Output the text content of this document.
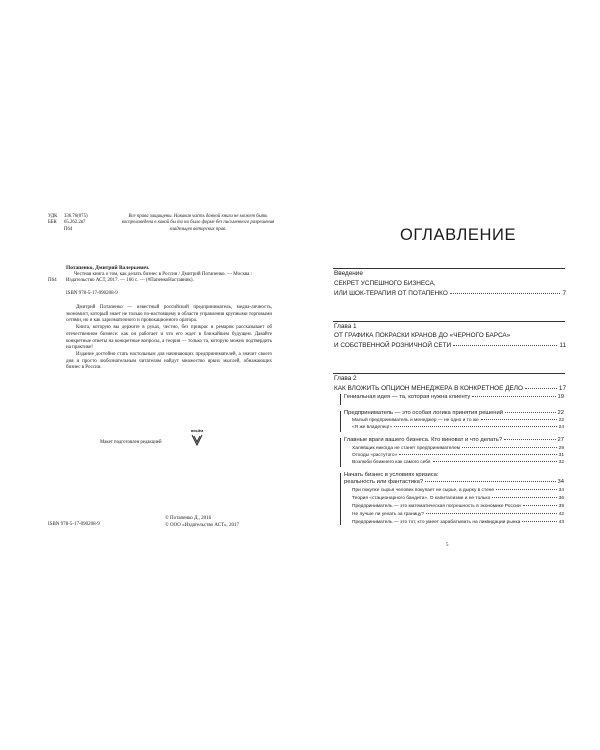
УДК	336.76(075)
ББК	65.262.2я7
П64
Все права защищены. Никакая часть данной книги не может быть воспроизведена в какой бы то ни было форме без письменного разрешения владельцев авторских прав.
Потапенко, Дмитрий Валерьевич.
П64
Честная книга о том, как делать бизнес в России / Дмитрий Потапенко. — Москва : Издательство АСТ, 2017. — 166 с. — (#ПапенкоНаставник).
ISBN 978-5-17-090208-9

Дмитрий Потапенко — известный российский предприниматель, медиа-личность, экономист, который знает не только по-настоящему в области управления крупными торговыми сетями, но и как харизматичного и провокационного оратора.

Книга, которую вы держите в руках, честно, без прикрас и ремарок рассказывает об отечественном бизнесе: как он работает и что его ждет в ближайшем будущем. Давайте конкретные ответы на конкретные вопросы, а теория — только та, которую можно подтвердить на практике!

Издание достойно стать настольным для начинающих предпринимателей, а значит своего дня и просто любознательным читателям найдут множество ярких мыслей, обнажающих бизнес в России.

Макет подготовлен редакцией
ПРАЙМ
ISBN 978-5-17-090208-9
© Потапенко Д., 2016
© ООО «Издательство АСТ», 2017
ОГЛАВЛЕНИЕ
Введение
СЕКРЕТ УСПЕШНОГО БИЗНЕСА,
ИЛИ ШОК-ТЕРАПИЯ ОТ ПОТАПЕНКО	7
Глава 1
ОТ ГРАФИКА ПОКРАСКИ КРАНОВ ДО «ЧЕРНОГО БАРСА»
И СОБСТВЕННОЙ РОЗНИЧНОЙ СЕТИ	11
Глава 2
КАК ВЛОЖИТЬ ОПЦИОН МЕНЕДЖЕРА В КОНКРЕТНОЕ ДЕЛО	17
Гениальная идея — та, которая нужна клиенту	19
Предприниматель — это особая логика принятия решений	22
Малый предприниматель и менеджер — не одно и то же	22
«Я же владелец!»	24
Главные враги вашего бизнеса. Кто виноват и что делать?	27
Халявщик никогда не станет предпринимателем	29
Отходы «растутого»	31
Возлюби ближнего как самого себя	32
Начать бизнес в условиях кризиса:
реальность или фантастика?	34
При покупке сырья человек покупает не сырье, а дырку в стене	34
Теория «стационарного бандита». О капитализме и не только	36
Предприниматель — это математическая погрешность в экономике России	39
Не лучше ли уехать за границу?	42
Предприниматель — это тот, кто умеет зарабатывать на ликвидации рынка	43
5
